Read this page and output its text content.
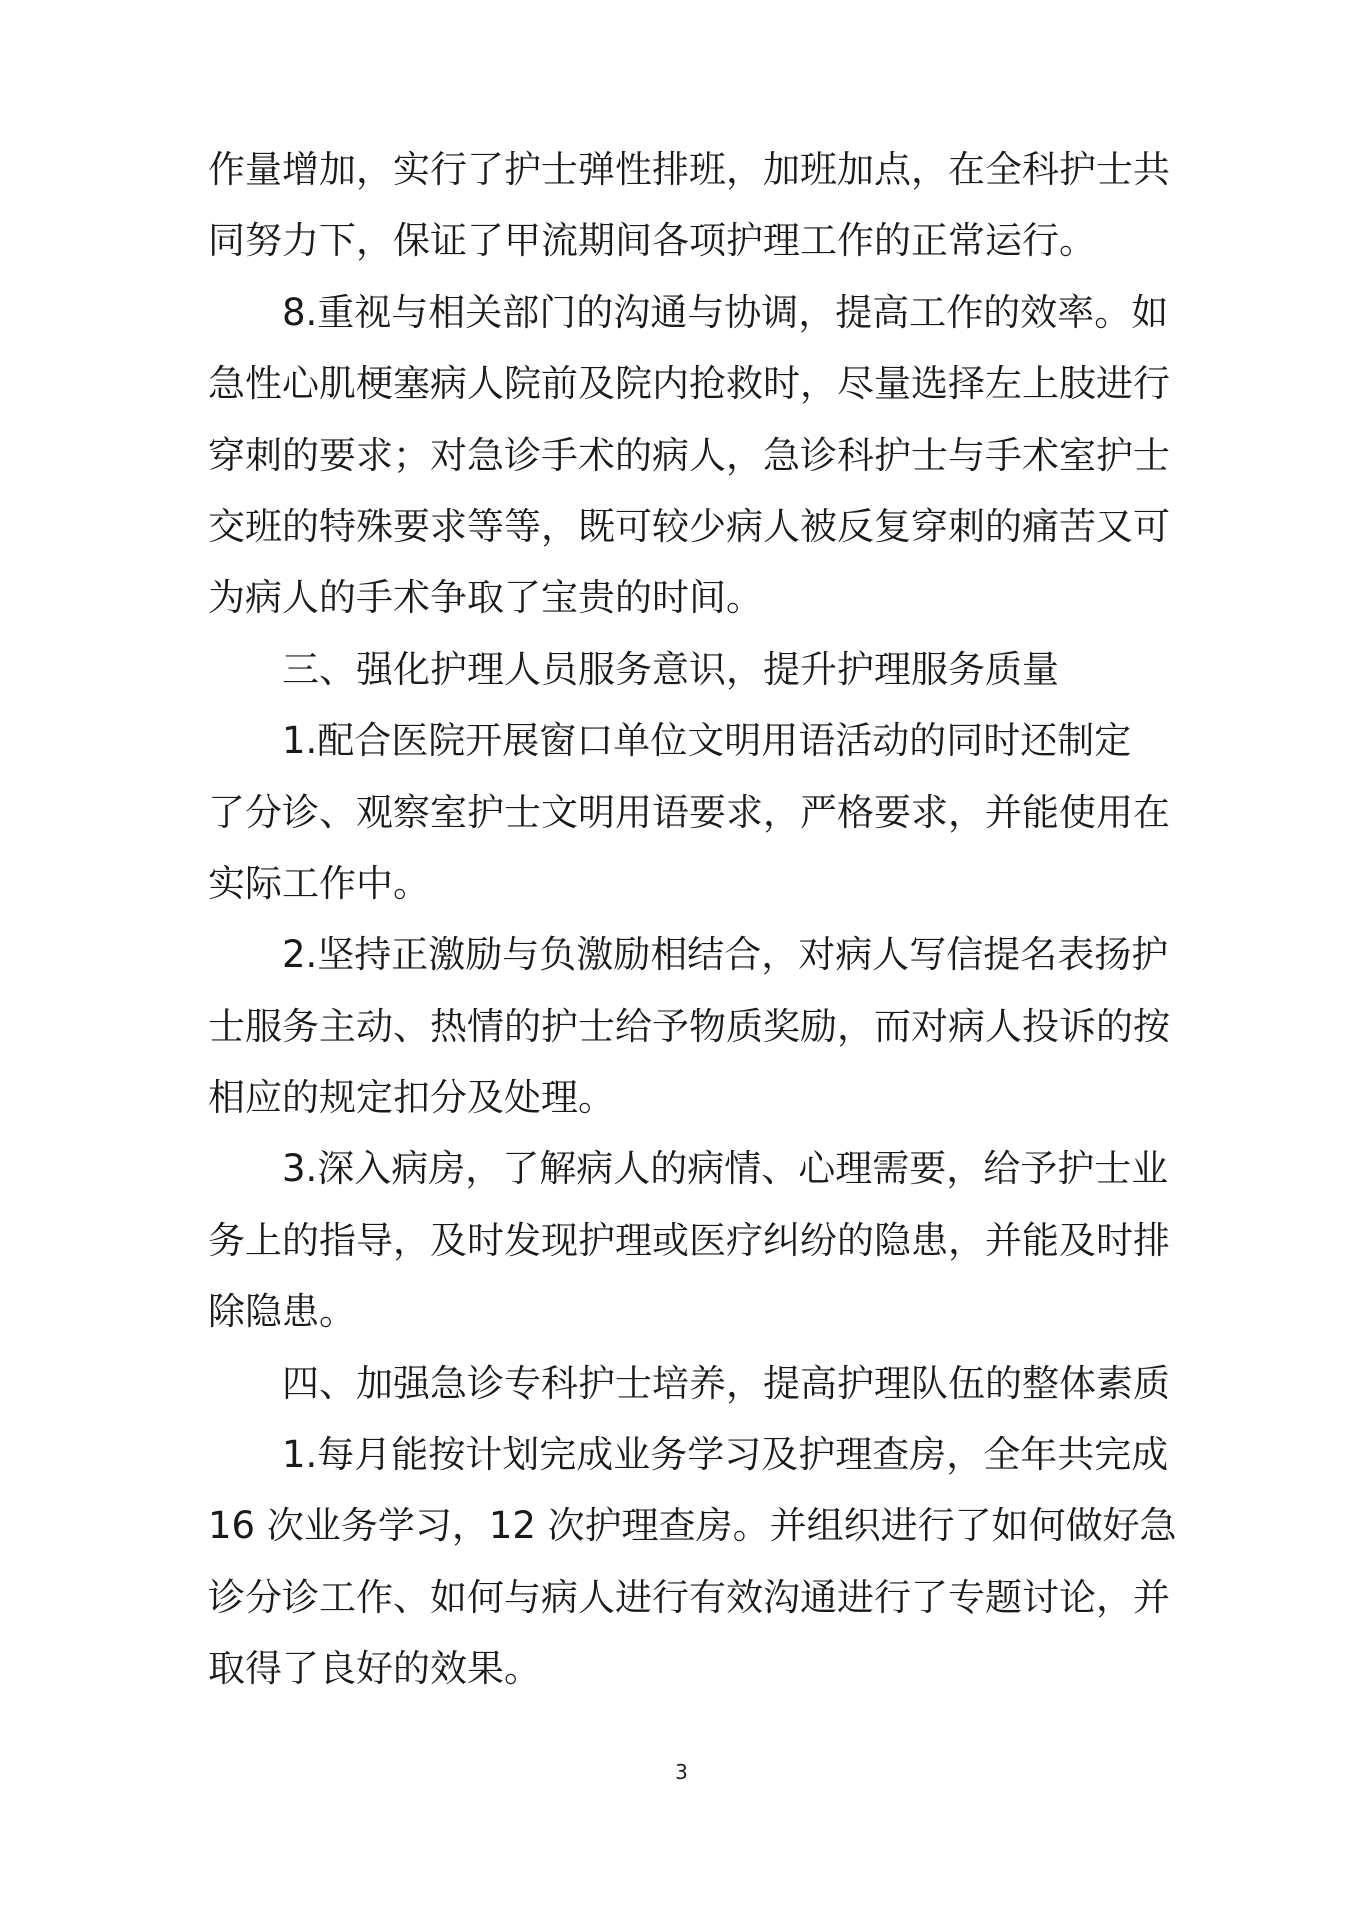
作量增加，实行了护士弹性排班，加班加点，在全科护士共
同努力下，保证了甲流期间各项护理工作的正常运行。
8.重视与相关部门的沟通与协调，提高工作的效率。如
急性心肌梗塞病人院前及院内抢救时，尽量选择左上肢进行
穿刺的要求；对急诊手术的病人，急诊科护士与手术室护士
交班的特殊要求等等，既可较少病人被反复穿刺的痛苦又可
为病人的手术争取了宝贵的时间。
三、强化护理人员服务意识，提升护理服务质量
1.配合医院开展窗口单位文明用语活动的同时还制定
了分诊、观察室护士文明用语要求，严格要求，并能使用在
实际工作中。
2.坚持正激励与负激励相结合，对病人写信提名表扬护
士服务主动、热情的护士给予物质奖励，而对病人投诉的按
相应的规定扣分及处理。
3.深入病房，了解病人的病情、心理需要，给予护士业
务上的指导，及时发现护理或医疗纠纷的隐患，并能及时排
除隐患。
四、加强急诊专科护士培养，提高护理队伍的整体素质
1.每月能按计划完成业务学习及护理查房，全年共完成
16 次业务学习，12 次护理查房。并组织进行了如何做好急
诊分诊工作、如何与病人进行有效沟通进行了专题讨论，并
取得了良好的效果。
3
